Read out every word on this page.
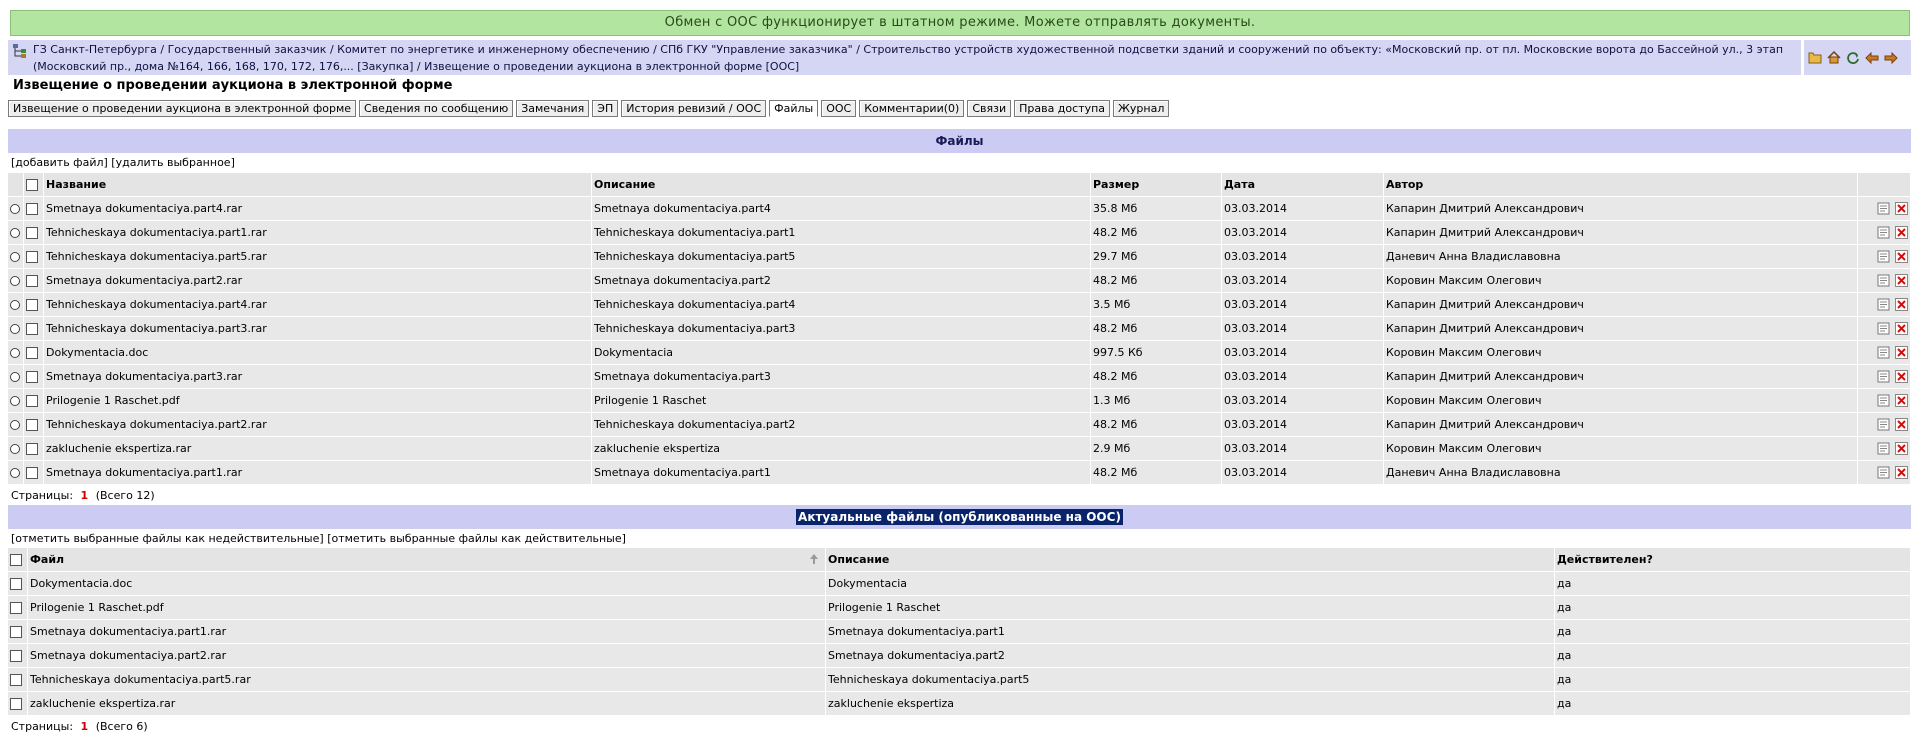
Обмен с ООС функционирует в штатном режиме. Можете отправлять документы.
ГЗ Санкт-Петербурга / Государственный заказчик / Комитет по энергетике и инженерному обеспечению / СПб ГКУ "Управление заказчика" / Строительство устройств художественной подсветки зданий и сооружений по объекту: «Московский пр. от пл. Московские ворота до Бассейной ул., 3 этап (Московский пр., дома №164, 166, 168, 170, 172, 176,... [Закупка] / Извещение о проведении аукциона в электронной форме [ООС]
Извещение о проведении аукциона в электронной форме
Извещение о проведении аукциона в электронной форме	Сведения по сообщению	Замечания	ЭП	История ревизий / ООС	Файлы	ООС	Комментарии(0)	Связи	Права доступа	Журнал
Файлы
[добавить файл] [удалить выбранное]
		Название	Описание	Размер	Дата	Автор	
		Smetnaya dokumentaciya.part4.rar	Smetnaya dokumentaciya.part4	35.8 Мб	03.03.2014	Капарин Дмитрий Александрович	

		Tehnicheskaya dokumentaciya.part1.rar	Tehnicheskaya dokumentaciya.part1	48.2 Мб	03.03.2014	Капарин Дмитрий Александрович	

		Tehnicheskaya dokumentaciya.part5.rar	Tehnicheskaya dokumentaciya.part5	29.7 Мб	03.03.2014	Даневич Анна Владиславовна	

		Smetnaya dokumentaciya.part2.rar	Smetnaya dokumentaciya.part2	48.2 Мб	03.03.2014	Коровин Максим Олегович	

		Tehnicheskaya dokumentaciya.part4.rar	Tehnicheskaya dokumentaciya.part4	3.5 Мб	03.03.2014	Капарин Дмитрий Александрович	

		Tehnicheskaya dokumentaciya.part3.rar	Tehnicheskaya dokumentaciya.part3	48.2 Мб	03.03.2014	Капарин Дмитрий Александрович	

		Dokymentacia.doc	Dokymentacia	997.5 Кб	03.03.2014	Коровин Максим Олегович	

		Smetnaya dokumentaciya.part3.rar	Smetnaya dokumentaciya.part3	48.2 Мб	03.03.2014	Капарин Дмитрий Александрович	

		Prilogenie 1 Raschet.pdf	Prilogenie 1 Raschet	1.3 Мб	03.03.2014	Коровин Максим Олегович	

		Tehnicheskaya dokumentaciya.part2.rar	Tehnicheskaya dokumentaciya.part2	48.2 Мб	03.03.2014	Капарин Дмитрий Александрович	

		zakluchenie ekspertiza.rar	zakluchenie ekspertiza	2.9 Мб	03.03.2014	Коровин Максим Олегович	

		Smetnaya dokumentaciya.part1.rar	Smetnaya dokumentaciya.part1	48.2 Мб	03.03.2014	Даневич Анна Владиславовна	

Страницы: 1 (Всего 12)
Актуальные файлы (опубликованные на ООС)
[отметить выбранные файлы как недействительные] [отметить выбранные файлы как действительные]
	Файл	Описание	Действителен?
	Dokymentacia.doc	Dokymentacia	да
	Prilogenie 1 Raschet.pdf	Prilogenie 1 Raschet	да
	Smetnaya dokumentaciya.part1.rar	Smetnaya dokumentaciya.part1	да
	Smetnaya dokumentaciya.part2.rar	Smetnaya dokumentaciya.part2	да
	Tehnicheskaya dokumentaciya.part5.rar	Tehnicheskaya dokumentaciya.part5	да
	zakluchenie ekspertiza.rar	zakluchenie ekspertiza	да
Страницы: 1 (Всего 6)
